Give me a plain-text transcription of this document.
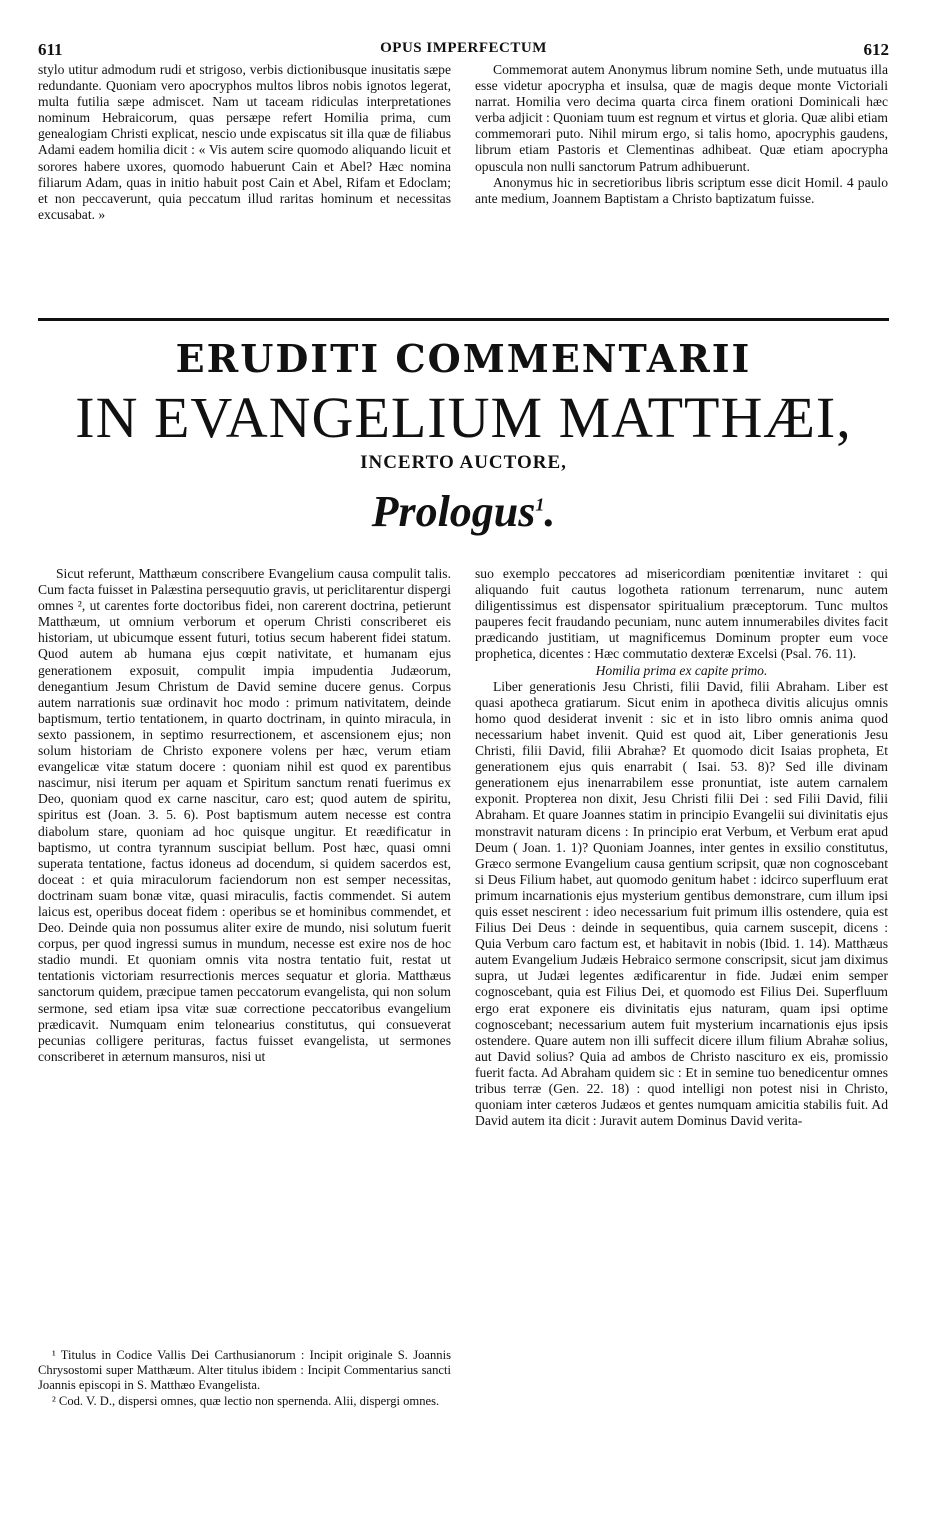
611	OPUS IMPERFECTUM	612

stylo utitur admodum rudi et strigoso, verbis dictionibusque inusitatis sæpe redundante. Quoniam vero apocryphos multos libros nobis ignotos legerat, multa futilia sæpe admiscet. Nam ut taceam ridiculas interpretationes nominum Hebraicorum, quas persæpe refert Homilia prima, cum genealogiam Christi explicat, nescio unde expiscatus sit illa quæ de filiabus Adami eadem homilia dicit : « Vis autem scire quomodo aliquando licuit et sorores habere uxores, quomodo habuerunt Cain et Abel? Hæc nomina filiarum Adam, quas in initio habuit post Cain et Abel, Rifam et Edoclam; et non peccaverunt, quia peccatum illud raritas hominum et necessitas excusabat. »

Commemorat autem Anonymus librum nomine Seth, unde mutuatus illa esse videtur apocrypha et insulsa, quæ de magis deque monte Victoriali narrat. Homilia vero decima quarta circa finem orationi Dominicali hæc verba adjicit : Quoniam tuum est regnum et virtus et gloria. Quæ alibi etiam commemorari puto. Nihil mirum ergo, si talis homo, apocryphis gaudens, librum etiam Pastoris et Clementinas adhibeat. Quæ etiam apocrypha opuscula non nulli sanctorum Patrum adhibuerunt.

Anonymus hic in secretioribus libris scriptum esse dicit Homil. 4 paulo ante medium, Joannem Baptistam a Christo baptizatum fuisse.

ERUDITI COMMENTARII
IN EVANGELIUM MATTHÆI,
INCERTO AUCTORE,
Prologus$^1$.

Sicut referunt, Matthæum conscribere Evangelium causa compulit talis. Cum facta fuisset in Palæstina persequutio gravis, ut periclitarentur dispergi omnes ², ut carentes forte doctoribus fidei, non carerent doctrina, petierunt Matthæum, ut omnium verborum et operum Christi conscriberet eis historiam, ut ubicumque essent futuri, totius secum haberent fidei statum. Quod autem ab humana ejus cœpit nativitate, et humanam ejus generationem exposuit, compulit impia impudentia Judæorum, denegantium Jesum Christum de David semine ducere genus. Corpus autem narrationis suæ ordinavit hoc modo : primum nativitatem, deinde baptismum, tertio tentationem, in quarto doctrinam, in quinto miracula, in sexto passionem, in septimo resurrectionem, et ascensionem ejus; non solum historiam de Christo exponere volens per hæc, verum etiam evangelicæ vitæ statum docere : quoniam nihil est quod ex parentibus nascimur, nisi iterum per aquam et Spiritum sanctum renati fuerimus ex Deo, quoniam quod ex carne nascitur, caro est; quod autem de spiritu, spiritus est (Joan. 3. 5. 6). Post baptismum autem necesse est contra diabolum stare, quoniam ad hoc quisque ungitur. Et reædificatur in baptismo, ut contra tyrannum suscipiat bellum. Post hæc, quasi omni superata tentatione, factus idoneus ad docendum, si quidem sacerdos est, doceat : et quia miraculorum faciendorum non est semper necessitas, doctrinam suam bonæ vitæ, quasi miraculis, factis commendet. Si autem laicus est, operibus doceat fidem : operibus se et hominibus commendet, et Deo. Deinde quia non possumus aliter exire de mundo, nisi solutum fuerit corpus, per quod ingressi sumus in mundum, necesse est exire nos de hoc stadio mundi. Et quoniam omnis vita nostra tentatio fuit, restat ut tentationis victoriam resurrectionis merces sequatur et gloria. Matthæus sanctorum quidem, præcipue tamen peccatorum evangelista, qui non solum sermone, sed etiam ipsa vitæ suæ correctione peccatoribus evangelium prædicavit. Numquam enim telonearius constitutus, qui consueverat pecunias colligere perituras, factus fuisset evangelista, ut sermones conscriberet in æternum mansuros, nisi ut

suo exemplo peccatores ad misericordiam pœnitentiæ invitaret : qui aliquando fuit cautus logothetа rationum terrenarum, nunc autem diligentissimus est dispensator spiritualium præceptorum. Tunc multos pauperes fecit fraudando pecuniam, nunc autem innumerabiles divites facit prædicando justitiam, ut magnificemus Dominum propter eum voce prophetica, dicentes : Hæc commutatio dexteræ Excelsi (Psal. 76. 11).

Homilia prima ex capite primo.

Liber generationis Jesu Christi, filii David, filii Abraham. Liber est quasi apotheca gratiarum. Sicut enim in apotheca divitis alicujus omnis homo quod desiderat invenit : sic et in isto libro omnis anima quod necessarium habet invenit. Quid est quod ait, Liber generationis Jesu Christi, filii David, filii Abrahæ? Et quomodo dicit Isaias propheta, Et generationem ejus quis enarrabit ( Isai. 53. 8)? Sed ille divinam generationem ejus inenarrabilem esse pronuntiat, iste autem carnalem exponit. Propterea non dixit, Jesu Christi filii Dei : sed Filii David, filii Abraham. Et quare Joannes statim in principio Evangelii sui divinitatis ejus monstravit naturam dicens : In principio erat Verbum, et Verbum erat apud Deum ( Joan. 1. 1)? Quoniam Joannes, inter gentes in exsilio constitutus, Græco sermone Evangelium causa gentium scripsit, quæ non cognoscebant si Deus Filium habet, aut quomodo genitum habet : idcirco superfluum erat primum incarnationis ejus mysterium gentibus demonstrare, cum illum ipsi quis esset nescirent : ideo necessarium fuit primum illis ostendere, quia est Filius Dei Deus : deinde in sequentibus, quia carnem suscepit, dicens : Quia Verbum caro factum est, et habitavit in nobis (Ibid. 1. 14). Matthæus autem Evangelium Judæis Hebraico sermone conscripsit, sicut jam diximus supra, ut Judæi legentes ædificarentur in fide. Judæi enim semper cognoscebant, quia est Filius Dei, et quomodo est Filius Dei. Superfluum ergo erat exponere eis divinitatis ejus naturam, quam ipsi optime cognoscebant; necessarium autem fuit mysterium incarnationis ejus ipsis ostendere. Quare autem non illi suffecit dicere illum filium Abrahæ solius, aut David solius? Quia ad ambos de Christo nasciturо ex eis, promissio fuerit facta. Ad Abraham quidem sic : Et in semine tuo benedicentur omnes tribus terræ (Gen. 22. 18) : quod intelligi non potest nisi in Christo, quoniam inter cæteros Judæos et gentes numquam amicitia stabilis fuit. Ad David autem ita dicit : Juravit autem Dominus David verita-

¹ Titulus in Codice Vallis Dei Carthusianorum : Incipit originale S. Joannis Chrysostomi super Matthæum. Alter titulus ibidem : Incipit Commentarius sancti Joannis episcopi in S. Matthæo Evangelista.

² Cod. V. D., dispersi omnes, quæ lectio non spernenda. Alii, dispergi omnes.
